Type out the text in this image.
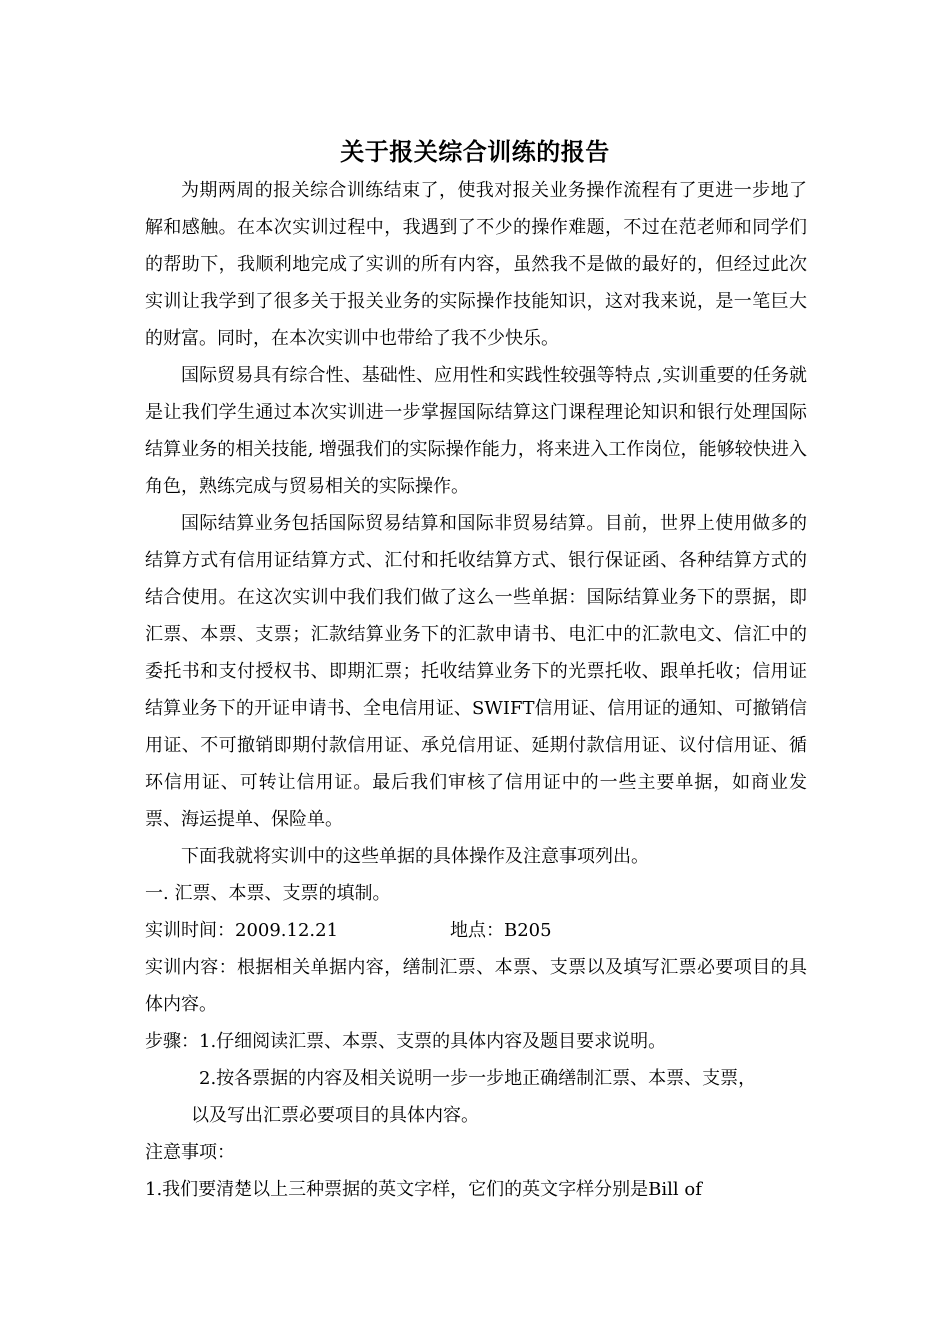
关于报关综合训练的报告

为期两周的报关综合训练结束了，使我对报关业务操作流程有了更进一步地了解和感触。在本次实训过程中，我遇到了不少的操作难题，不过在范老师和同学们的帮助下，我顺利地完成了实训的所有内容，虽然我不是做的最好的，但经过此次实训让我学到了很多关于报关业务的实际操作技能知识，这对我来说，是一笔巨大的财富。同时，在本次实训中也带给了我不少快乐。

国际贸易具有综合性、基础性、应用性和实践性较强等特点 ,实训重要的任务就是让我们学生通过本次实训进一步掌握国际结算这门课程理论知识和银行处理国际结算业务的相关技能, 增强我们的实际操作能力，将来进入工作岗位，能够较快进入角色，熟练完成与贸易相关的实际操作。

国际结算业务包括国际贸易结算和国际非贸易结算。目前，世界上使用做多的结算方式有信用证结算方式、汇付和托收结算方式、银行保证函、各种结算方式的结合使用。在这次实训中我们我们做了这么一些单据：国际结算业务下的票据，即汇票、本票、支票；汇款结算业务下的汇款申请书、电汇中的汇款电文、信汇中的委托书和支付授权书、即期汇票；托收结算业务下的光票托收、跟单托收；信用证结算业务下的开证申请书、全电信用证、SWIFT信用证、信用证的通知、可撤销信用证、不可撤销即期付款信用证、承兑信用证、延期付款信用证、议付信用证、循环信用证、可转让信用证。最后我们审核了信用证中的一些主要单据，如商业发票、海运提单、保险单。

下面我就将实训中的这些单据的具体操作及注意事项列出。

一. 汇票、本票、支票的填制。

实训时间：2009.12.21	地点：B205

实训内容：根据相关单据内容，缮制汇票、本票、支票以及填写汇票必要项目的具体内容。

步骤：1.仔细阅读汇票、本票、支票的具体内容及题目要求说明。

2.按各票据的内容及相关说明一步一步地正确缮制汇票、本票、支票，

以及写出汇票必要项目的具体内容。

注意事项：

1.我们要清楚以上三种票据的英文字样，它们的英文字样分别是Bill of
